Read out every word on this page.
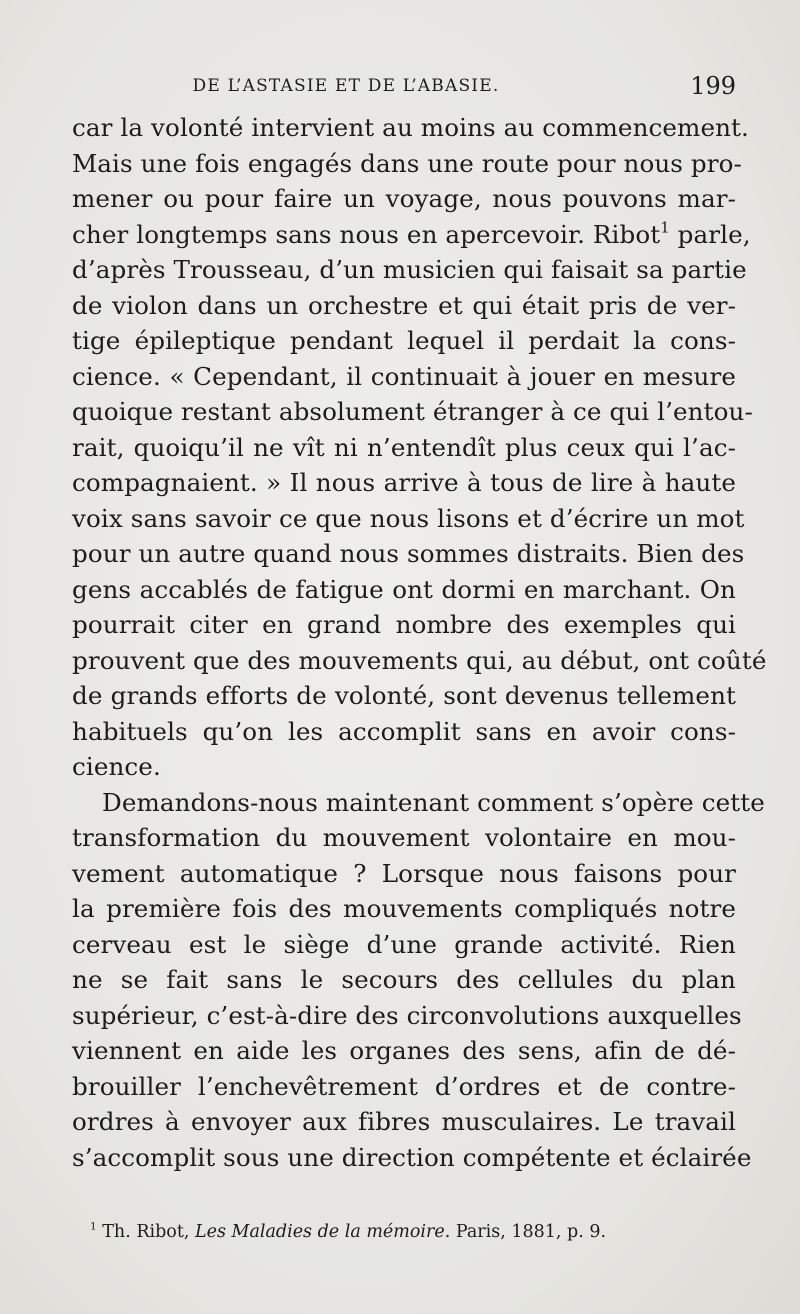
DE L’ASTASIE ET DE L’ABASIE.	199
car la volonté intervient au moins au commencement.
Mais une fois engagés dans une route pour nous pro-
mener ou pour faire un voyage, nous pouvons mar-
cher longtemps sans nous en apercevoir. Ribot$^1$ parle,
d’après Trousseau, d’un musicien qui faisait sa partie
de violon dans un orchestre et qui était pris de ver-
tige épileptique pendant lequel il perdait la cons-
cience. « Cependant, il continuait à jouer en mesure
quoique restant absolument étranger à ce qui l’entou-
rait, quoiqu’il ne vît ni n’entendît plus ceux qui l’ac-
compagnaient. » Il nous arrive à tous de lire à haute
voix sans savoir ce que nous lisons et d’écrire un mot
pour un autre quand nous sommes distraits. Bien des
gens accablés de fatigue ont dormi en marchant. On
pourrait citer en grand nombre des exemples qui
prouvent que des mouvements qui, au début, ont coûté
de grands efforts de volonté, sont devenus tellement
habituels qu’on les accomplit sans en avoir cons-
cience.
Demandons-nous maintenant comment s’opère cette
transformation du mouvement volontaire en mou-
vement automatique ? Lorsque nous faisons pour
la première fois des mouvements compliqués notre
cerveau est le siège d’une grande activité. Rien
ne se fait sans le secours des cellules du plan
supérieur, c’est-à-dire des circonvolutions auxquelles
viennent en aide les organes des sens, afin de dé-
brouiller l’enchevêtrement d’ordres et de contre-
ordres à envoyer aux fibres musculaires. Le travail
s’accomplit sous une direction compétente et éclairée
$^1$ Th. Ribot, Les Maladies de la mémoire. Paris, 1881, p. 9.
